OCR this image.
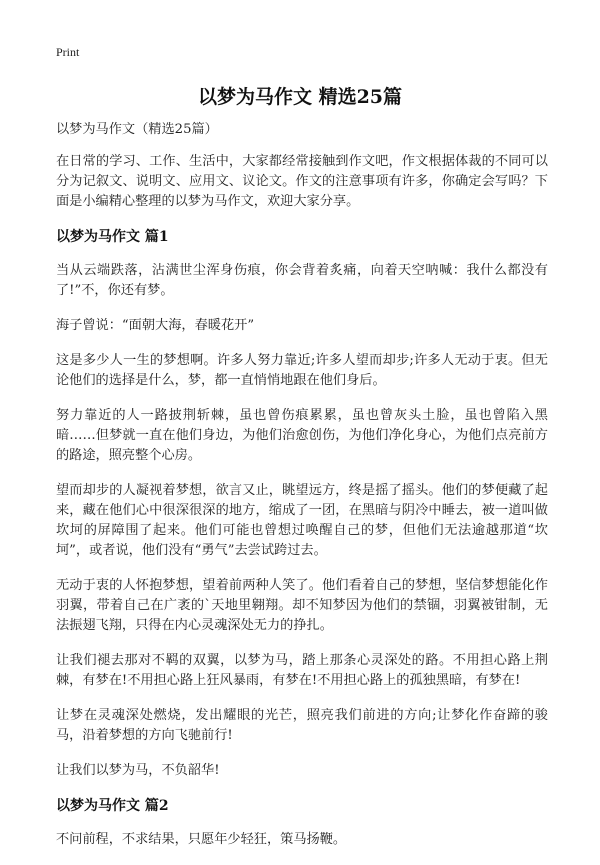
Print
以梦为马作文 精选25篇

以梦为马作文（精选25篇）

在日常的学习、工作、生活中，大家都经常接触到作文吧，作文根据体裁的不同可以分为记叙文、说明文、应用文、议论文。作文的注意事项有许多，你确定会写吗？下面是小编精心整理的以梦为马作文，欢迎大家分享。

以梦为马作文 篇1

当从云端跌落，沾满世尘浑身伤痕，你会背着炙痛，向着天空呐喊：我什么都没有了!”不，你还有梦。

海子曾说：“面朝大海，春暖花开”

这是多少人一生的梦想啊。许多人努力靠近;许多人望而却步;许多人无动于衷。但无论他们的选择是什么，梦，都一直悄悄地跟在他们身后。

努力靠近的人一路披荆斩棘，虽也曾伤痕累累，虽也曾灰头土脸，虽也曾陷入黑暗……但梦就一直在他们身边，为他们治愈创伤，为他们净化身心，为他们点亮前方的路途，照亮整个心房。

望而却步的人凝视着梦想，欲言又止，眺望远方，终是摇了摇头。他们的梦便藏了起来，藏在他们心中很深很深的地方，缩成了一团，在黑暗与阴冷中睡去，被一道叫做坎坷的屏障围了起来。他们可能也曾想过唤醒自己的梦，但他们无法逾越那道“坎坷”，或者说，他们没有“勇气”去尝试跨过去。

无动于衷的人怀抱梦想，望着前两种人笑了。他们看着自己的梦想，坚信梦想能化作羽翼，带着自己在广袤的`天地里翱翔。却不知梦因为他们的禁锢，羽翼被钳制，无法振翅飞翔，只得在内心灵魂深处无力的挣扎。

让我们褪去那对不羁的双翼，以梦为马，踏上那条心灵深处的路。不用担心路上荆棘，有梦在!不用担心路上狂风暴雨，有梦在!不用担心路上的孤独黑暗，有梦在!

让梦在灵魂深处燃烧，发出耀眼的光芒，照亮我们前进的方向;让梦化作奋蹄的骏马，沿着梦想的方向飞驰前行!

让我们以梦为马，不负韶华!

以梦为马作文 篇2

不问前程，不求结果，只愿年少轻狂，策马扬鞭。
